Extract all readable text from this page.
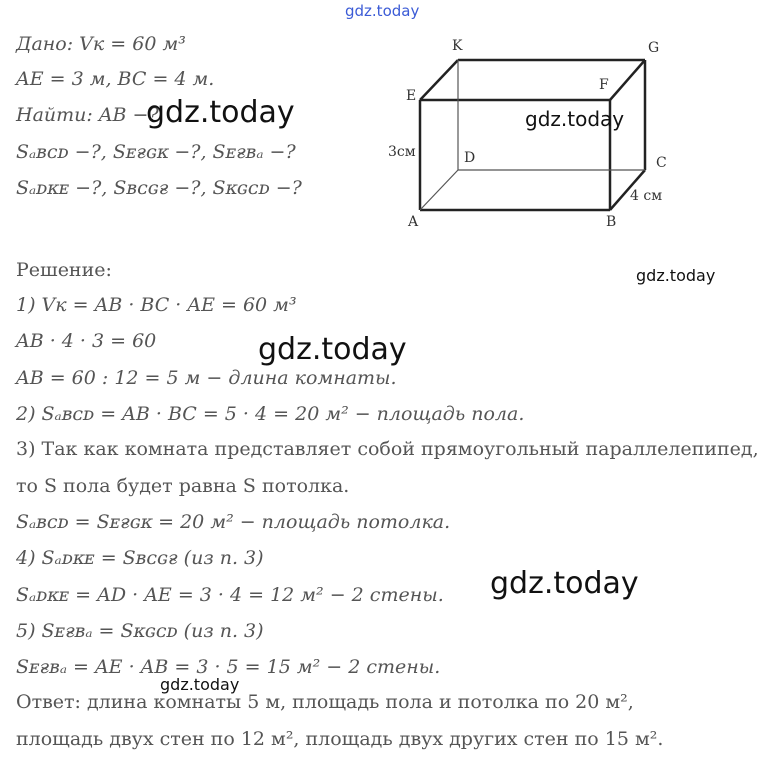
gdz.today
Дано: Vк = 60 м³
AE = 3 м, BC = 4 м.
Найти: AB −?
Sₐʙᴄᴅ −?, Sᴇғɢᴋ −?, Sᴇғʙₐ −?
Sₐᴅᴋᴇ −?, Sʙᴄɢғ −?, Sᴋɢᴄᴅ −?
K	G
E
F
D	C
A	B
3см
4 см
Решение:
1) Vк = AB · BC · AE = 60 м³
AB · 4 · 3 = 60
AB = 60 : 12 = 5 м − длина комнаты.
2) Sₐʙᴄᴅ = AB · BC = 5 · 4 = 20 м² − площадь пола.
3) Так как комната представляет собой прямоугольный параллелепипед,
то S пола будет равна S потолка.
Sₐʙᴄᴅ = Sᴇғɢᴋ = 20 м² − площадь потолка.
4) Sₐᴅᴋᴇ = Sʙᴄɢғ (из п. 3)
Sₐᴅᴋᴇ = AD · AE = 3 · 4 = 12 м² − 2 стены.
5) Sᴇғʙₐ = Sᴋɢᴄᴅ (из п. 3)
Sᴇғʙₐ = AE · AB = 3 · 5 = 15 м² − 2 стены.
Ответ: длина комнаты 5 м, площадь пола и потолка по 20 м²,
площадь двух стен по 12 м², площадь двух других стен по 15 м².
gdz.today	gdz.today
gdz.today
gdz.today
gdz.today
gdz.today
